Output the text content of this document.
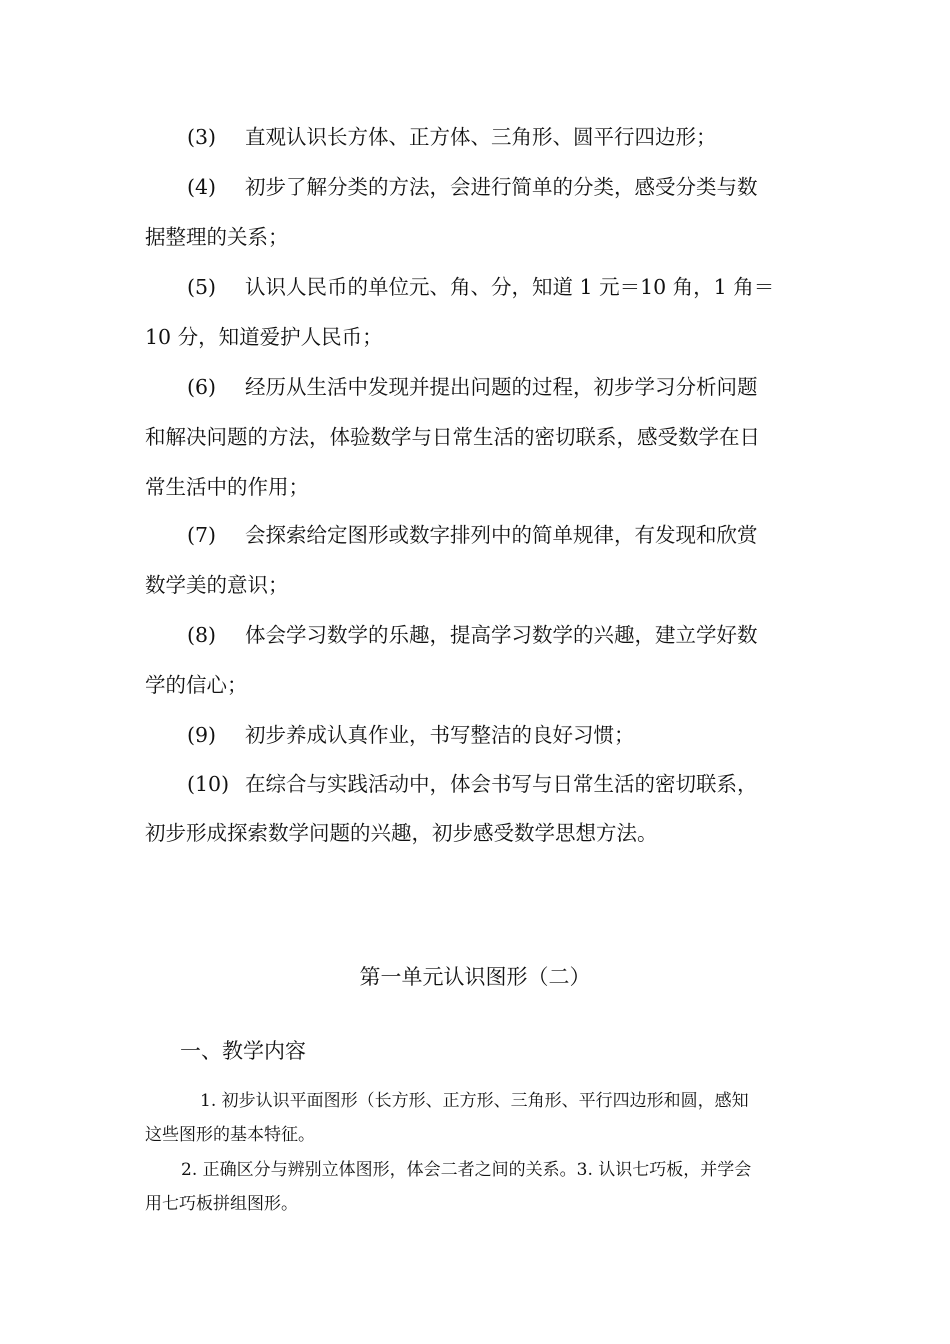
(3) 直观认识长方体、正方体、三角形、圆平行四边形；
(4) 初步了解分类的方法，会进行简单的分类，感受分类与数
据整理的关系；
(5) 认识人民币的单位元、角、分，知道 1 元＝10 角，1 角＝
10 分，知道爱护人民币；
(6) 经历从生活中发现并提出问题的过程，初步学习分析问题
和解决问题的方法，体验数学与日常生活的密切联系，感受数学在日
常生活中的作用；
(7) 会探索给定图形或数字排列中的简单规律，有发现和欣赏
数学美的意识；
(8) 体会学习数学的乐趣，提高学习数学的兴趣，建立学好数
学的信心；
(9) 初步养成认真作业，书写整洁的良好习惯；
(10) 在综合与实践活动中，体会书写与日常生活的密切联系，
初步形成探索数学问题的兴趣，初步感受数学思想方法。
第一单元认识图形（二）
一、教学内容
1. 初步认识平面图形（长方形、正方形、三角形、平行四边形和圆，感知
这些图形的基本特征。
2. 正确区分与辨别立体图形，体会二者之间的关系。3. 认识七巧板，并学会
用七巧板拼组图形。
